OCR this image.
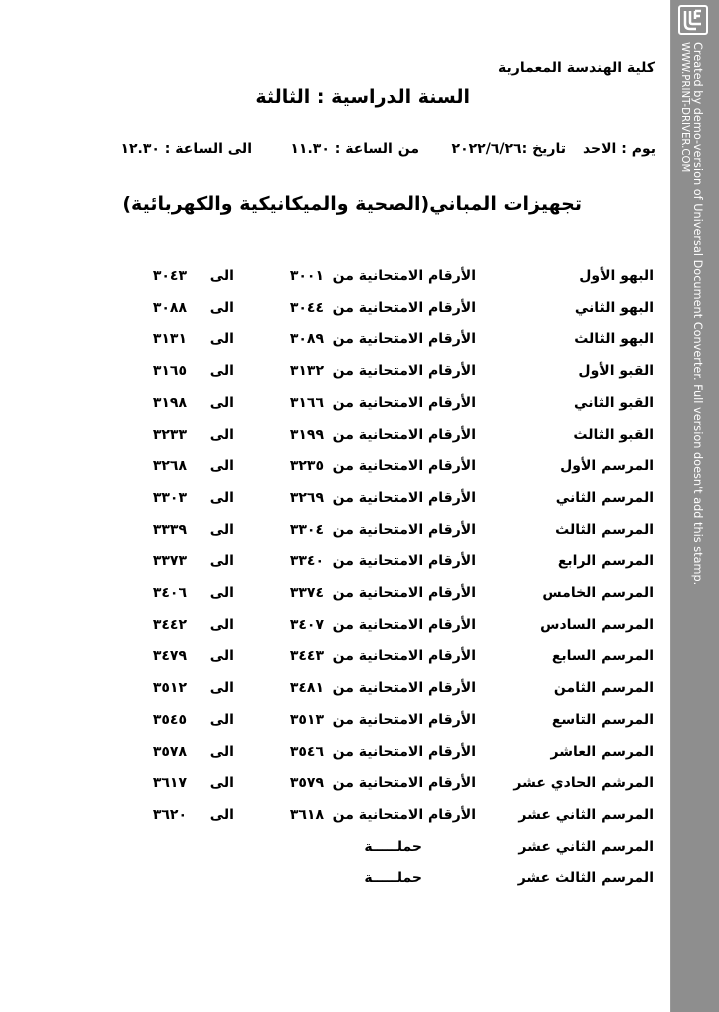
كلية الهندسة المعمارية
السنة الدراسية : الثالثة
يوم : الاحد
تاريخ :٢٠٢٢/٦/٢٦
من الساعة : ١١.٣٠
الى الساعة : ١٢.٣٠
تجهيزات المباني(الصحية والميكانيكية والكهربائية)
البهو الأول
الأرقام الامتحانية من
٣٠٠١
الى
٣٠٤٣
البهو الثاني
الأرقام الامتحانية من
٣٠٤٤
الى
٣٠٨٨
البهو الثالث
الأرقام الامتحانية من
٣٠٨٩
الى
٣١٣١
القبو الأول
الأرقام الامتحانية من
٣١٣٢
الى
٣١٦٥
القبو الثاني
الأرقام الامتحانية من
٣١٦٦
الى
٣١٩٨
القبو الثالث
الأرقام الامتحانية من
٣١٩٩
الى
٣٢٣٣
المرسم الأول
الأرقام الامتحانية من
٣٢٣٥
الى
٣٢٦٨
المرسم الثاني
الأرقام الامتحانية من
٣٢٦٩
الى
٣٣٠٣
المرسم الثالث
الأرقام الامتحانية من
٣٣٠٤
الى
٣٣٣٩
المرسم الرابع
الأرقام الامتحانية من
٣٣٤٠
الى
٣٣٧٣
المرسم الخامس
الأرقام الامتحانية من
٣٣٧٤
الى
٣٤٠٦
المرسم السادس
الأرقام الامتحانية من
٣٤٠٧
الى
٣٤٤٢
المرسم السابع
الأرقام الامتحانية من
٣٤٤٣
الى
٣٤٧٩
المرسم الثامن
الأرقام الامتحانية من
٣٤٨١
الى
٣٥١٢
المرسم التاسع
الأرقام الامتحانية من
٣٥١٣
الى
٣٥٤٥
المرسم العاشر
الأرقام الامتحانية من
٣٥٤٦
الى
٣٥٧٨
المرشم الحادي عشر
الأرقام الامتحانية من
٣٥٧٩
الى
٣٦١٧
المرسم الثاني عشر
الأرقام الامتحانية من
٣٦١٨
الى
٣٦٢٠
المرسم الثاني عشر
حملـــــة
المرسم الثالث عشر
حملـــــة
Created by demo-version of Universal Document Converter. Full version doesn't add this stamp.
WWW.PRINT-DRIVER.COM
